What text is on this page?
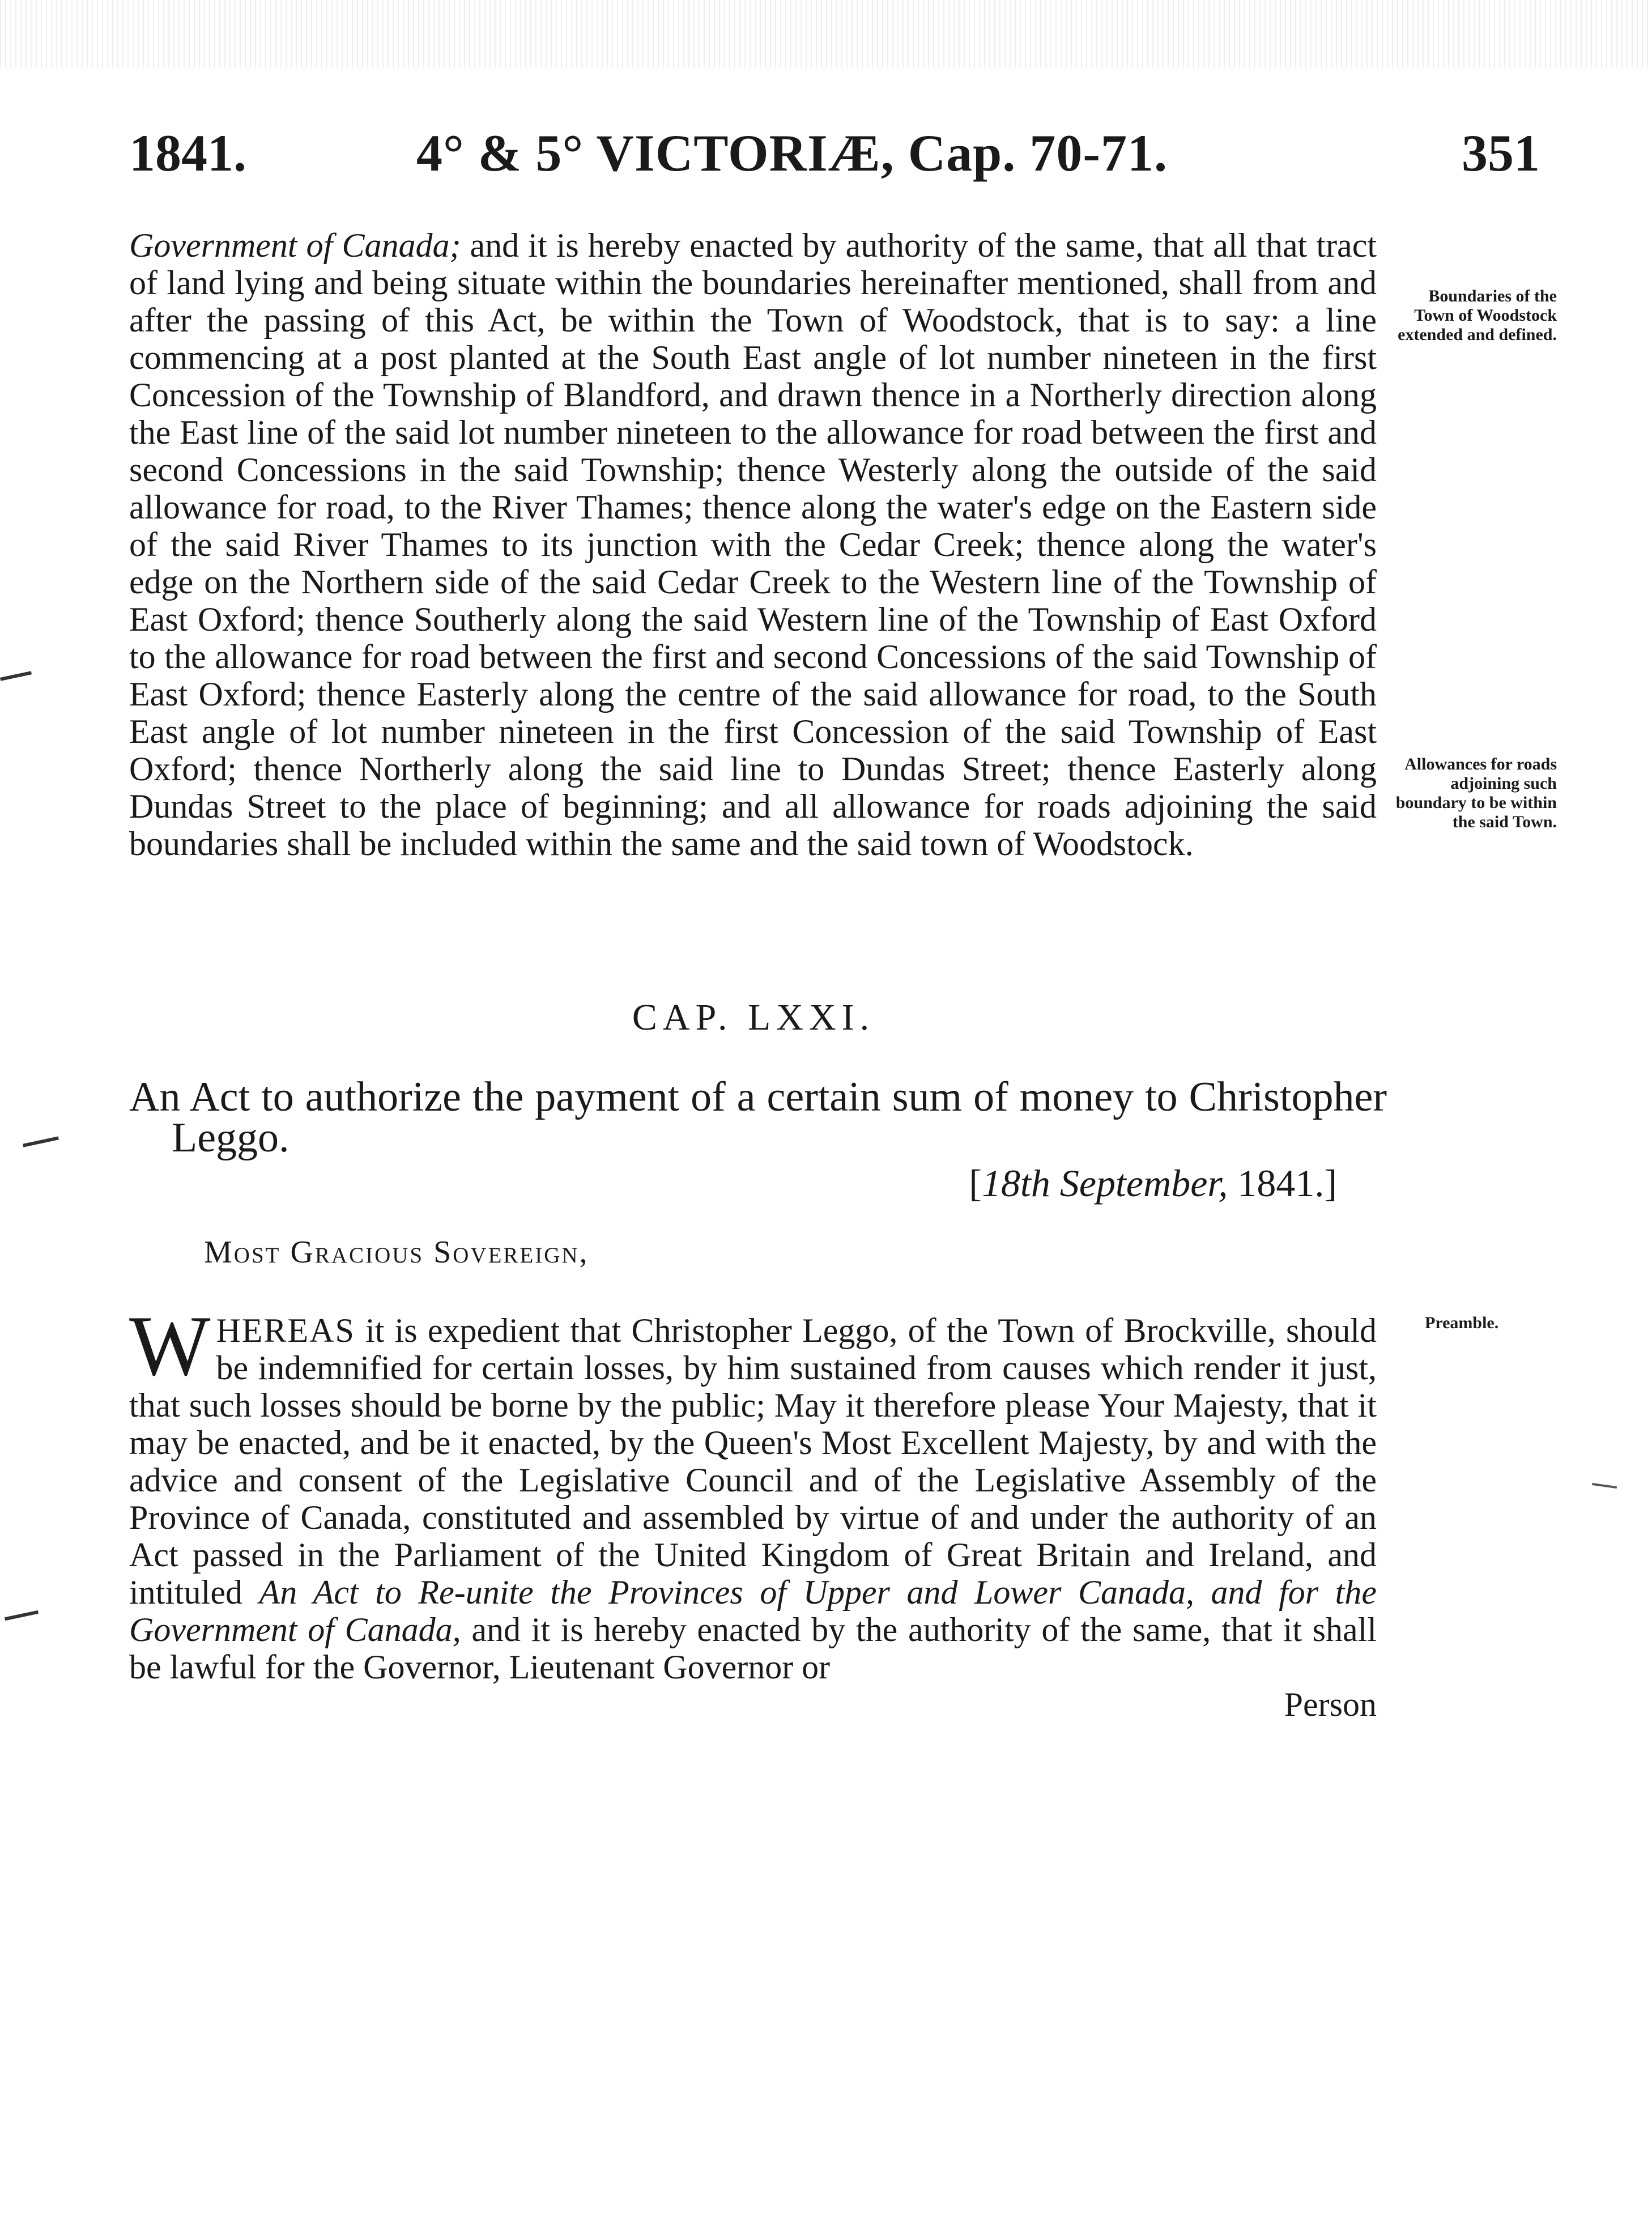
1841.	4° & 5° VICTORIÆ, Cap. 70-71.	351

Government of Canada; and it is hereby enacted by authority of the same, that all that tract of land lying and being situate within the boundaries hereinafter mentioned, shall from and after the passing of this Act, be within the Town of Woodstock, that is to say: a line commencing at a post planted at the South East angle of lot number nineteen in the first Concession of the Township of Blandford, and drawn thence in a Northerly direction along the East line of the said lot number nineteen to the allowance for road between the first and second Concessions in the said Township; thence Westerly along the outside of the said allowance for road, to the River Thames; thence along the water's edge on the Eastern side of the said River Thames to its junction with the Cedar Creek; thence along the water's edge on the Northern side of the said Cedar Creek to the Western line of the Township of East Oxford; thence Southerly along the said Western line of the Township of East Oxford to the allowance for road between the first and second Concessions of the said Township of East Oxford; thence Easterly along the centre of the said allowance for road, to the South East angle of lot number nineteen in the first Concession of the said Township of East Oxford; thence Northerly along the said line to Dundas Street; thence Easterly along Dundas Street to the place of beginning; and all allowance for roads adjoining the said boundaries shall be included within the same and the said town of Woodstock.

Boundaries of the Town of Woodstock extended and defined.
Allowances for roads adjoining such boundary to be within the said Town.
CAP. LXXI.
An Act to authorize the payment of a certain sum of money to Christopher Leggo.
[18th September, 1841.]
Most Gracious Sovereign,

WHEREAS it is expedient that Christopher Leggo, of the Town of Brockville, should be indemnified for certain losses, by him sustained from causes which render it just, that such losses should be borne by the public; May it therefore please Your Majesty, that it may be enacted, and be it enacted, by the Queen's Most Excellent Majesty, by and with the advice and consent of the Legislative Council and of the Legislative Assembly of the Province of Canada, constituted and assembled by virtue of and under the authority of an Act passed in the Parliament of the United Kingdom of Great Britain and Ireland, and intituled An Act to Re-unite the Provinces of Upper and Lower Canada, and for the Government of Canada, and it is hereby enacted by the authority of the same, that it shall be lawful for the Governor, Lieutenant Governor or

Person

Preamble.
